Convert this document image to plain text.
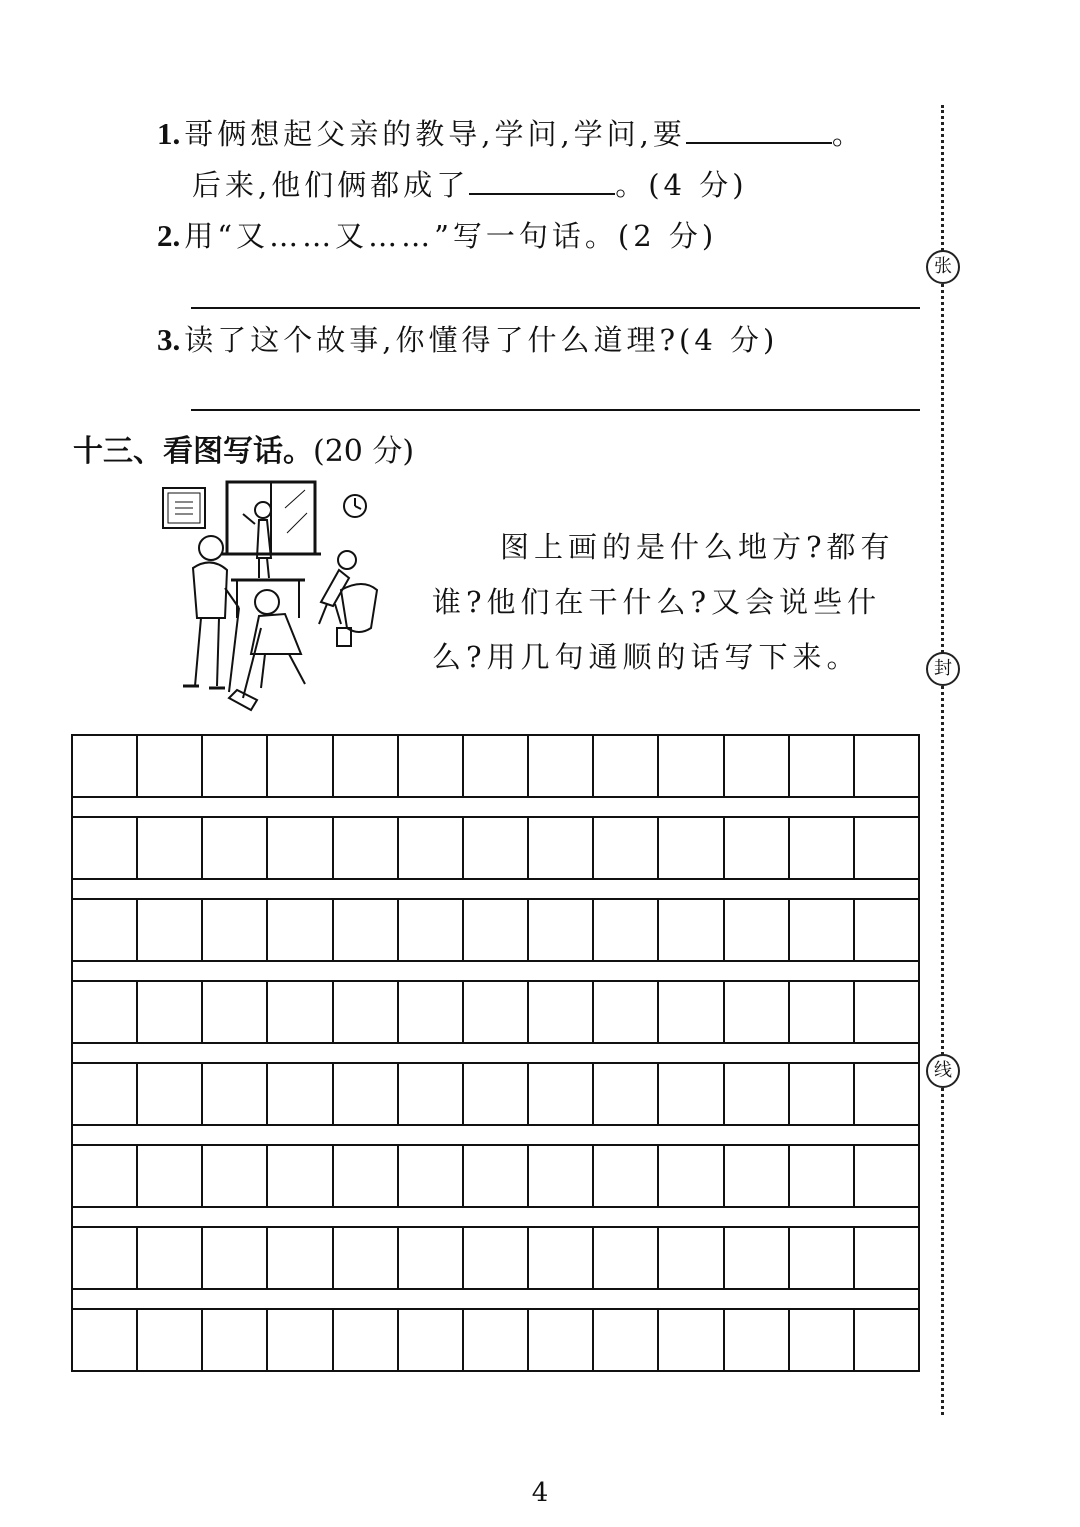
1. 哥俩想起父亲的教导,学问,学问,要	。
后来,他们俩都成了	。(4 分)
2. 用“又……又……”写一句话。(2 分)
3. 读了这个故事,你懂得了什么道理?(4 分)
十三、看图写话。(20 分)
图上画的是什么地方?都有
谁?他们在干什么?又会说些什
么?用几句通顺的话写下来。
张
封
线
4
